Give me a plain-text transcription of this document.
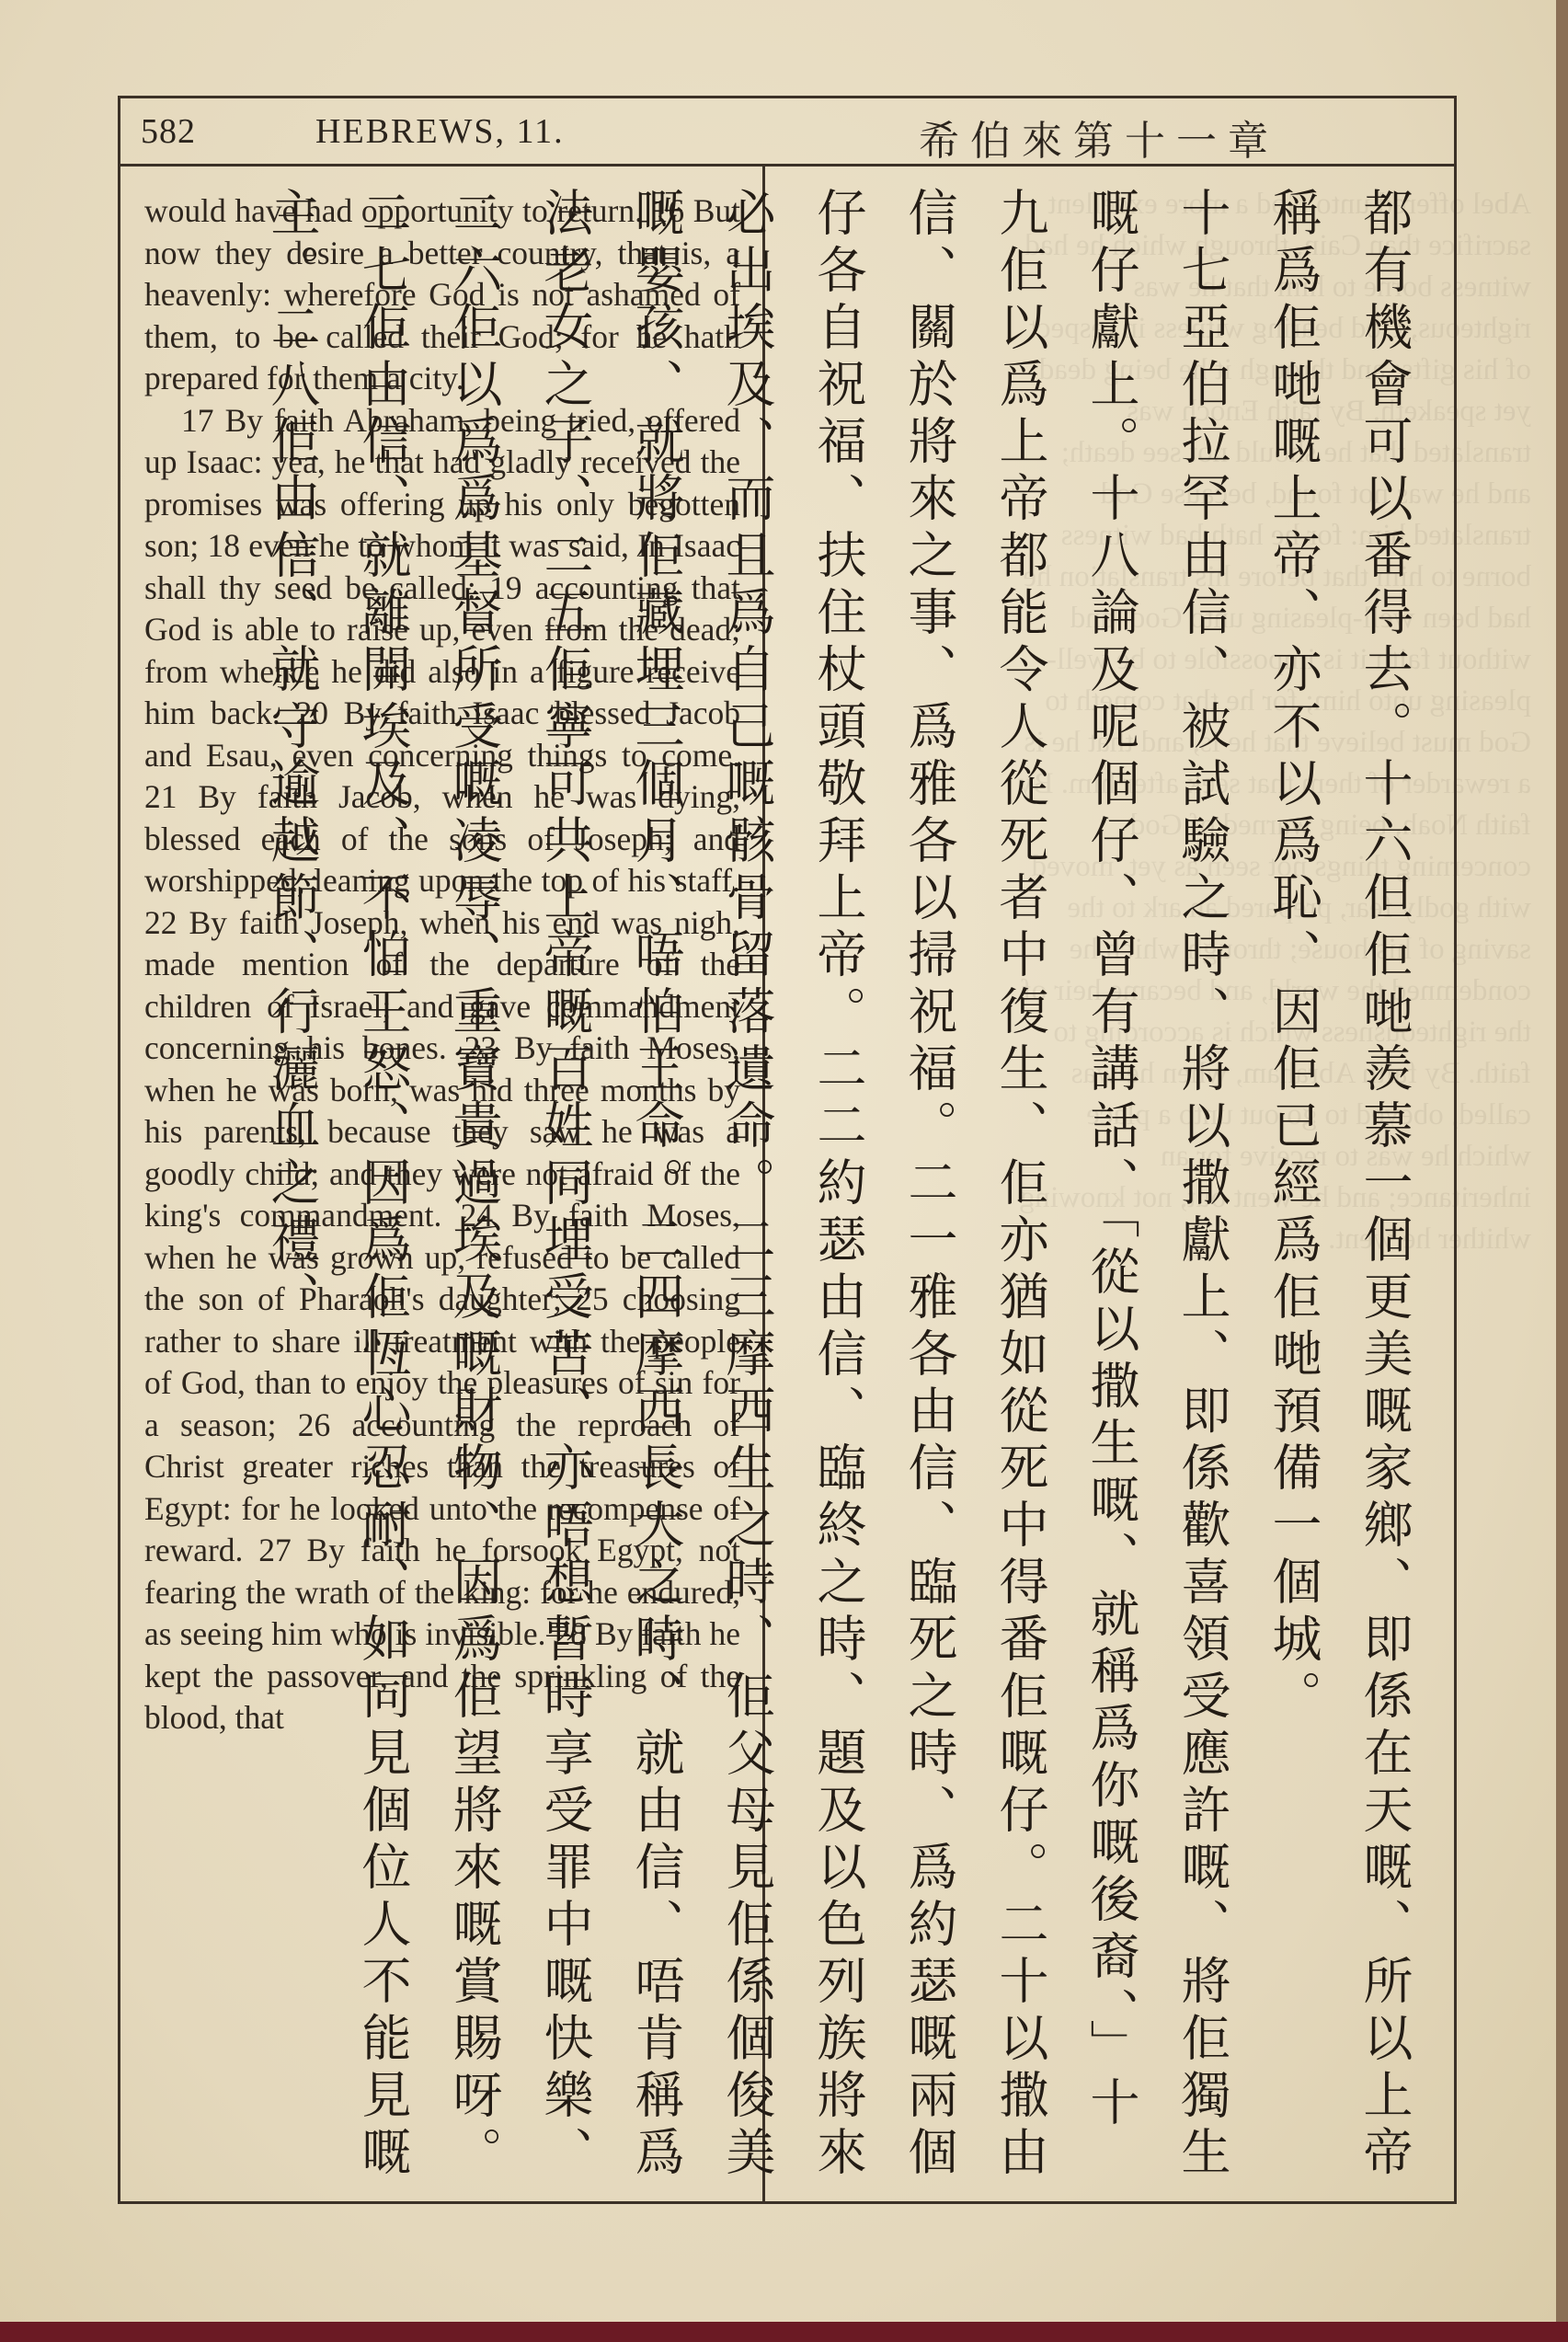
582	HEBREWS, 11.	希伯來第十一章

would have had opportunity to return. 16 But now they desire a better country, that is, a heavenly: wherefore God is not ashamed of them, to be called their God; for he hath prepared for them a city.

17 By faith Abraham, being tried, offered up Isaac: yea, he that had gladly received the promises was offering up his only begotten son; 18 even he to whom it was said, In Isaac shall thy seed be called: 19 accounting that God is able to raise up, even from the dead; from whence he did also in a figure receive him back. 20 By faith Isaac blessed Jacob and Esau, even concerning things to come. 21 By faith Jacob, when he was dying, blessed each of the sons of Joseph; and worshipped, leaning upon the top of his staff. 22 By faith Joseph, when his end was nigh, made mention of the departure of the children of Israel; and gave commandment concerning his bones. 23 By faith Moses, when he was born, was hid three months by his parents, because they saw he was a goodly child; and they were not afraid of the king's commandment. 24 By faith Moses, when he was grown up, refused to be called the son of Pharaoh's daughter; 25 choosing rather to share ill treatment with the people of God, than to enjoy the pleasures of sin for a season; 26 accounting the reproach of Christ greater riches than the treasures of Egypt: for he looked unto the recompense of reward. 27 By faith he forsook Egypt, not fearing the wrath of the king: for he endured, as seeing him who is invisible. 28 By faith he kept the passover, and the sprinkling of the blood, that	都有機會可以番得去。十六但佢哋羨慕一個更美嘅家鄉、即係在天嘅、所以上帝稱爲佢哋嘅上帝、亦不以爲恥、因佢已經爲佢哋預備一個城。

十七亞伯拉罕由信、被試驗之時、將以撒獻上、即係歡喜領受應許嘅、將佢獨生嘅仔獻上。十八論及呢個仔、曾有講話、「從以撒生嘅、就稱爲你嘅後裔、」十九佢以爲上帝都能令人從死者中復生、佢亦猶如從死中得番佢嘅仔。二十以撒由信、關於將來之事、爲雅各以掃祝福。二一雅各由信、臨死之時、爲約瑟嘅兩個仔各自祝福、扶住杖頭敬拜上帝。二二約瑟由信、臨終之時、題及以色列族將來必出埃及、而且爲自己嘅骸骨留落遺命。二三摩西生之時、佢父母見佢係個俊美嘅嬰孩、就將佢藏埋三個月、唔怕王命。二四摩西長大之時、就由信、唔肯稱爲法老女之子、二五佢寧可共上帝嘅百姓同埋受苦、亦唔想暫時享受罪中嘅快樂、二六佢以爲爲基督所受嘅凌辱、重寶貴過埃及嘅財物、因爲佢望將來嘅賞賜呀。二七佢由信、就離開埃及、不怕王怒、因爲佢恆心忍耐、如同見個位人不能見嘅主。二八佢由信、就守逾越節、行灑血之禮、
